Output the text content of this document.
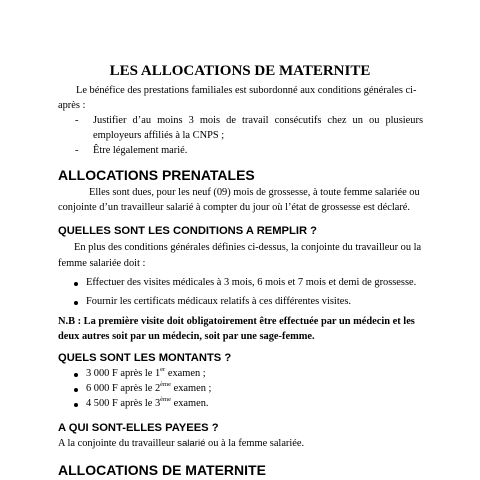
LES ALLOCATIONS DE MATERNITE
Le bénéfice des prestations familiales est subordonné aux conditions générales ci-
après :
- Justifier d’au moins 3 mois de travail consécutifs chez un ou plusieurs
employeurs affiliés à la CNPS ;
- Être légalement marié.
ALLOCATIONS PRENATALES
Elles sont dues, pour les neuf (09) mois de grossesse, à toute femme salariée ou
conjointe d’un travailleur salarié à compter du jour où l’état de grossesse est déclaré.
QUELLES SONT LES CONDITIONS A REMPLIR ?
En plus des conditions générales définies ci-dessus, la conjointe du travailleur ou la
femme salariée doit :
Effectuer des visites médicales à 3 mois, 6 mois et 7 mois et demi de grossesse.
Fournir les certificats médicaux relatifs à ces différentes visites.
N.B : La première visite doit obligatoirement être effectuée par un médecin et les
deux autres soit par un médecin, soit par une sage-femme.
QUELS SONT LES MONTANTS ?
3 000 F après le 1er examen ;
6 000 F après le 2ème examen ;
4 500 F après le 3ème examen.
A QUI SONT-ELLES PAYEES ?
A la conjointe du travailleur salarié ou à la femme salariée.
ALLOCATIONS DE MATERNITE
